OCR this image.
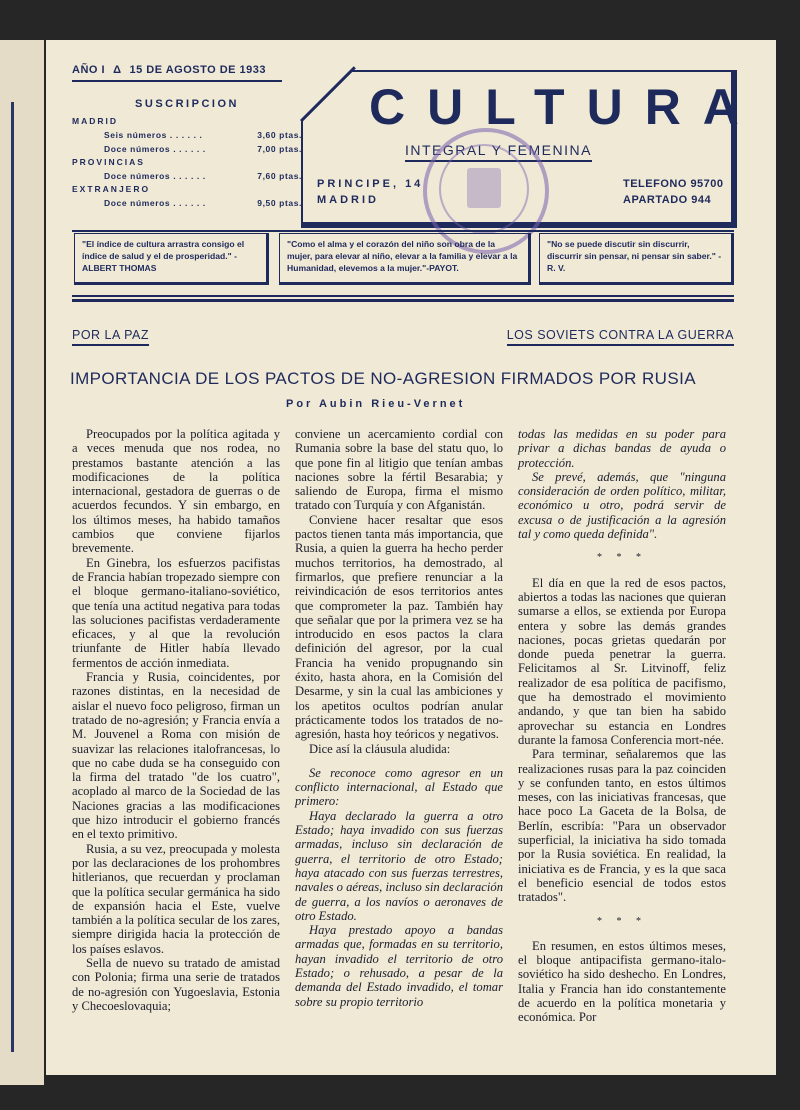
AÑO I Δ 15 DE AGOSTO DE 1933
SUSCRIPCION
MADRID
Seis números . . . . . .	3,60 ptas.
Doce números . . . . . .	7,00 ptas.
PROVINCIAS
Doce números . . . . . .	7,60 ptas.
EXTRANJERO
Doce números . . . . . .	9,50 ptas.
CULTURA
INTEGRAL Y FEMENINA
PRINCIPE, 14
MADRID
TELEFONO 95700
APARTADO 944
"El índice de cultura arrastra consigo el índice de salud y el de prosperidad." - ALBERT THOMAS
"Como el alma y el corazón del niño son obra de la mujer, para elevar al niño, elevar a la familia y elevar a la Humanidad, elevemos a la mujer."-PAYOT.
"No se puede discutir sin discurrir, discurrir sin pensar, ni pensar sin saber." - R. V.
POR LA PAZ	LOS SOVIETS CONTRA LA GUERRA
IMPORTANCIA DE LOS PACTOS DE NO-AGRESION FIRMADOS POR RUSIA
Por Aubin Rieu-Vernet

Preocupados por la política agitada y a veces menuda que nos rodea, no prestamos bastante atención a las modificaciones de la política internacional, gestadora de guerras o de acuerdos fecundos. Y sin embargo, en los últimos meses, ha habido tamaños cambios que conviene fijarlos brevemente.

En Ginebra, los esfuerzos pacifistas de Francia habían tropezado siempre con el bloque germano-italiano-soviético, que tenía una actitud negativa para todas las soluciones pacifistas verdaderamente eficaces, y al que la revolución triunfante de Hitler había llevado fermentos de acción inmediata.

Francia y Rusia, coincidentes, por razones distintas, en la necesidad de aislar el nuevo foco peligroso, firman un tratado de no-agresión; y Francia envía a M. Jouvenel a Roma con misión de suavizar las relaciones italofrancesas, lo que no cabe duda se ha conseguido con la firma del tratado "de los cuatro", acoplado al marco de la Sociedad de las Naciones gracias a las modificaciones que hizo introducir el gobierno francés en el texto primitivo.

Rusia, a su vez, preocupada y molesta por las declaraciones de los prohombres hitlerianos, que recuerdan y proclaman que la política secular germánica ha sido de expansión hacia el Este, vuelve también a la política secular de los zares, siempre dirigida hacia la protección de los países eslavos.

Sella de nuevo su tratado de amistad con Polonia; firma una serie de tratados de no-agresión con Yugoeslavia, Estonia y Checoeslovaquia;

conviene un acercamiento cordial con Rumania sobre la base del statu quo, lo que pone fin al litigio que tenían ambas naciones sobre la fértil Besarabia; y saliendo de Europa, firma el mismo tratado con Turquía y con Afganistán.

Conviene hacer resaltar que esos pactos tienen tanta más importancia, que Rusia, a quien la guerra ha hecho perder muchos territorios, ha demostrado, al firmarlos, que prefiere renunciar a la reivindicación de esos territorios antes que comprometer la paz. También hay que señalar que por la primera vez se ha introducido en esos pactos la clara definición del agresor, por la cual Francia ha venido propugnando sin éxito, hasta ahora, en la Comisión del Desarme, y sin la cual las ambiciones y los apetitos ocultos podrían anular prácticamente todos los tratados de no-agresión, hasta hoy teóricos y negativos.

Dice así la cláusula aludida:

Se reconoce como agresor en un conflicto internacional, al Estado que primero:

Haya declarado la guerra a otro Estado; haya invadido con sus fuerzas armadas, incluso sin declaración de guerra, el territorio de otro Estado; haya atacado con sus fuerzas terrestres, navales o aéreas, incluso sin declaración de guerra, a los navíos o aeronaves de otro Estado.

Haya prestado apoyo a bandas armadas que, formadas en su territorio, hayan invadido el territorio de otro Estado; o rehusado, a pesar de la demanda del Estado invadido, el tomar sobre su propio territorio

todas las medidas en su poder para privar a dichas bandas de ayuda o protección.

Se prevé, además, que "ninguna consideración de orden político, militar, económico u otro, podrá servir de excusa o de justificación a la agresión tal y como queda definida".

* * *

El día en que la red de esos pactos, abiertos a todas las naciones que quieran sumarse a ellos, se extienda por Europa entera y sobre las demás grandes naciones, pocas grietas quedarán por donde pueda penetrar la guerra. Felicitamos al Sr. Litvinoff, feliz realizador de esa política de pacifismo, que ha demostrado el movimiento andando, y que tan bien ha sabido aprovechar su estancia en Londres durante la famosa Conferencia mort-née.

Para terminar, señalaremos que las realizaciones rusas para la paz coinciden y se confunden tanto, en estos últimos meses, con las iniciativas francesas, que hace poco La Gaceta de la Bolsa, de Berlín, escribía: "Para un observador superficial, la iniciativa ha sido tomada por la Rusia soviética. En realidad, la iniciativa es de Francia, y es la que saca el beneficio esencial de todos estos tratados".

* * *

En resumen, en estos últimos meses, el bloque antipacifista germano-italo-soviético ha sido deshecho. En Londres, Italia y Francia han ido constantemente de acuerdo en la política monetaria y económica. Por
